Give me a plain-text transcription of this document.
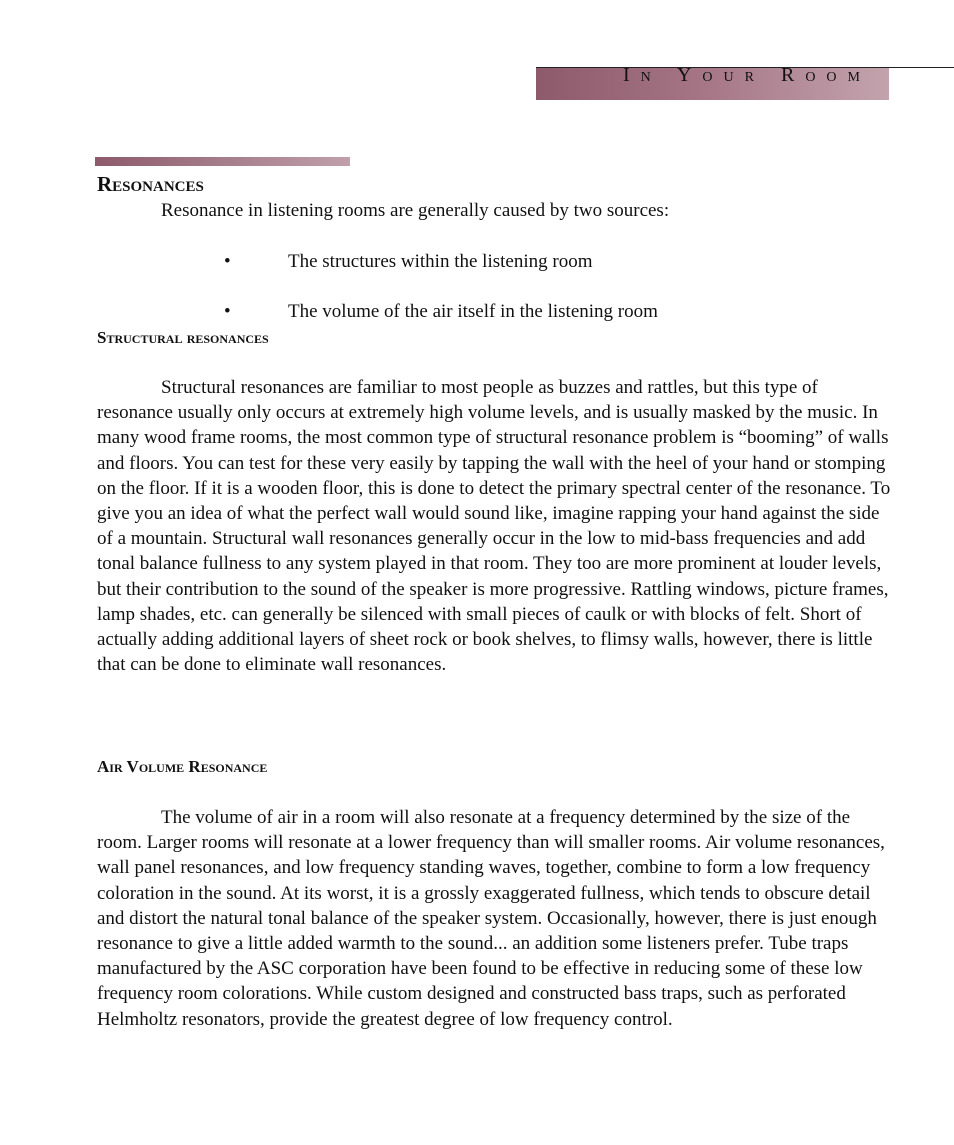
In Your Room
Resonances

Resonance in listening rooms are generally caused by two sources:

•	The structures within the listening room
•	The volume of the air itself in the listening room
Structural resonances

Structural resonances are familiar to most people as buzzes and rattles, but this type of resonance usually only occurs at extremely high volume levels, and is usually masked by the music. In many wood frame rooms, the most common type of structural resonance problem is “booming” of walls and floors. You can test for these very easily by tapping the wall with the heel of your hand or stomping on the floor. If it is a wooden floor, this is done to detect the primary spectral center of the resonance. To give you an idea of what the perfect wall would sound like, imagine rapping your hand against the side of a mountain. Structural wall resonances generally occur in the low to mid-bass frequencies and add tonal balance fullness to any system played in that room. They too are more prominent at louder levels, but their contribution to the sound of the speaker is more progressive. Rattling windows, picture frames, lamp shades, etc. can generally be silenced with small pieces of caulk or with blocks of felt. Short of actually adding additional layers of sheet rock or book shelves, to flimsy walls, however, there is little that can be done to eliminate wall resonances.

Air Volume Resonance

The volume of air in a room will also resonate at a frequency determined by the size of the room. Larger rooms will resonate at a lower frequency than will smaller rooms. Air volume resonances, wall panel resonances, and low frequency standing waves, together, combine to form a low frequency coloration in the sound. At its worst, it is a grossly exaggerated fullness, which tends to obscure detail and distort the natural tonal balance of the speaker system. Occasionally, however, there is just enough resonance to give a little added warmth to the sound... an addition some listeners prefer. Tube traps manufactured by the ASC corporation have been found to be effective in reducing some of these low frequency room colorations. While custom designed and constructed bass traps, such as perforated Helmholtz resonators, provide the greatest degree of low frequency control.
